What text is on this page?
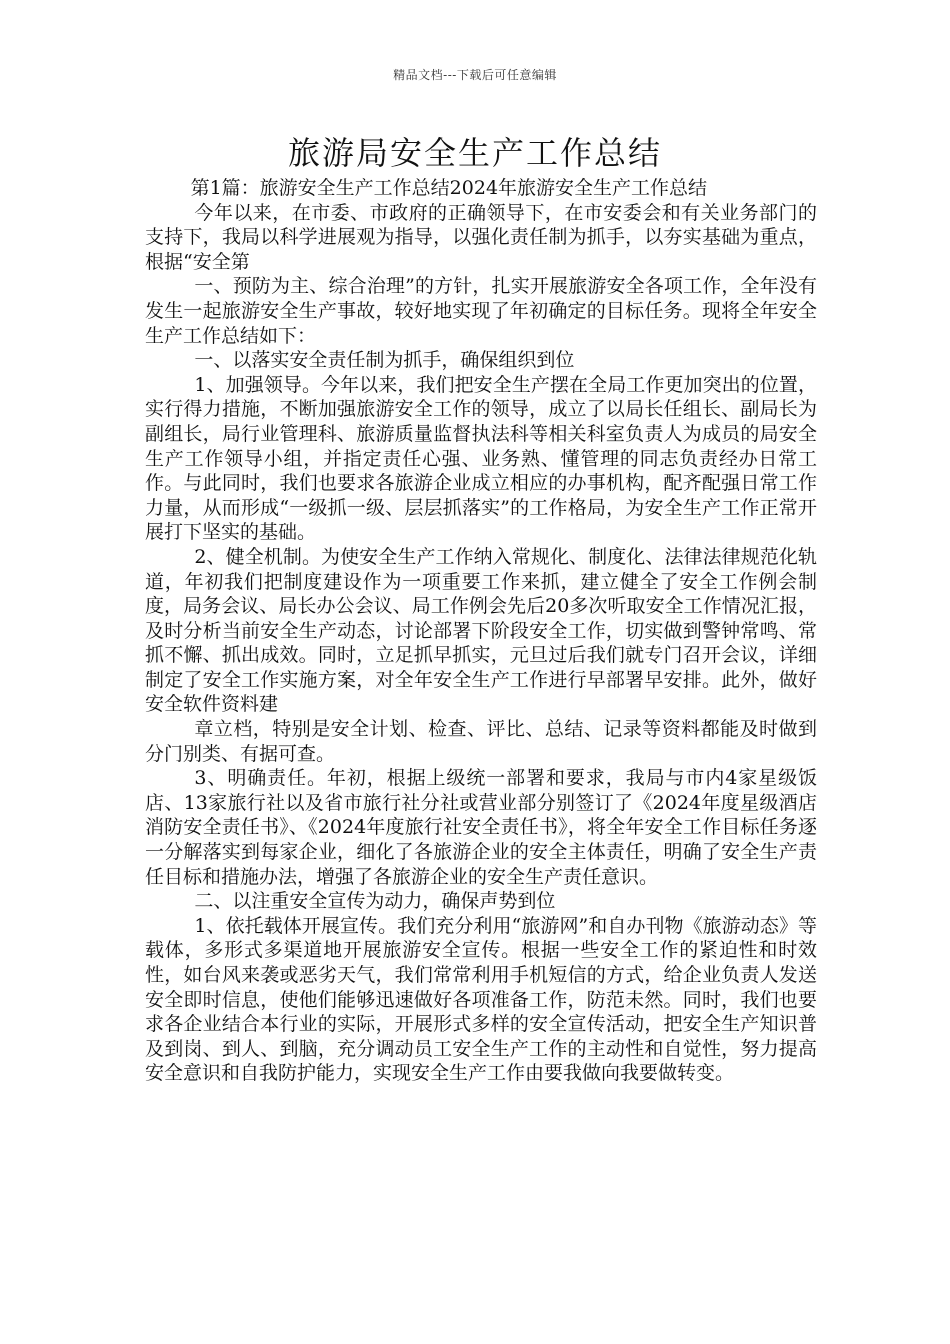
精品文档---下载后可任意编辑
旅游局安全生产工作总结

第1篇：旅游安全生产工作总结2024年旅游安全生产工作总结

今年以来，在市委、市政府的正确领导下，在市安委会和有关业务部门的支持下，我局以科学进展观为指导，以强化责任制为抓手，以夯实基础为重点，根据“安全第

一、预防为主、综合治理”的方针，扎实开展旅游安全各项工作，全年没有发生一起旅游安全生产事故，较好地实现了年初确定的目标任务。现将全年安全生产工作总结如下：

一、以落实安全责任制为抓手，确保组织到位

1、加强领导。今年以来，我们把安全生产摆在全局工作更加突出的位置，实行得力措施，不断加强旅游安全工作的领导，成立了以局长任组长、副局长为副组长，局行业管理科、旅游质量监督执法科等相关科室负责人为成员的局安全生产工作领导小组，并指定责任心强、业务熟、懂管理的同志负责经办日常工作。与此同时，我们也要求各旅游企业成立相应的办事机构，配齐配强日常工作力量，从而形成“一级抓一级、层层抓落实”的工作格局，为安全生产工作正常开展打下坚实的基础。

2、健全机制。为使安全生产工作纳入常规化、制度化、法律法律规范化轨道，年初我们把制度建设作为一项重要工作来抓，建立健全了安全工作例会制度，局务会议、局长办公会议、局工作例会先后20多次听取安全工作情况汇报，及时分析当前安全生产动态，讨论部署下阶段安全工作，切实做到警钟常鸣、常抓不懈、抓出成效。同时，立足抓早抓实，元旦过后我们就专门召开会议，详细制定了安全工作实施方案，对全年安全生产工作进行早部署早安排。此外，做好安全软件资料建

章立档，特别是安全计划、检查、评比、总结、记录等资料都能及时做到分门别类、有据可查。

3、明确责任。年初，根据上级统一部署和要求，我局与市内4家星级饭店、13家旅行社以及省市旅行社分社或营业部分别签订了《2024年度星级酒店消防安全责任书》、《2024年度旅行社安全责任书》，将全年安全工作目标任务逐一分解落实到每家企业，细化了各旅游企业的安全主体责任，明确了安全生产责任目标和措施办法，增强了各旅游企业的安全生产责任意识。

二、以注重安全宣传为动力，确保声势到位

1、依托载体开展宣传。我们充分利用“旅游网”和自办刊物《旅游动态》等载体，多形式多渠道地开展旅游安全宣传。根据一些安全工作的紧迫性和时效性，如台风来袭或恶劣天气，我们常常利用手机短信的方式，给企业负责人发送安全即时信息，使他们能够迅速做好各项准备工作，防范未然。同时，我们也要求各企业结合本行业的实际，开展形式多样的安全宣传活动，把安全生产知识普及到岗、到人、到脑，充分调动员工安全生产工作的主动性和自觉性，努力提高安全意识和自我防护能力，实现安全生产工作由要我做向我要做转变。
